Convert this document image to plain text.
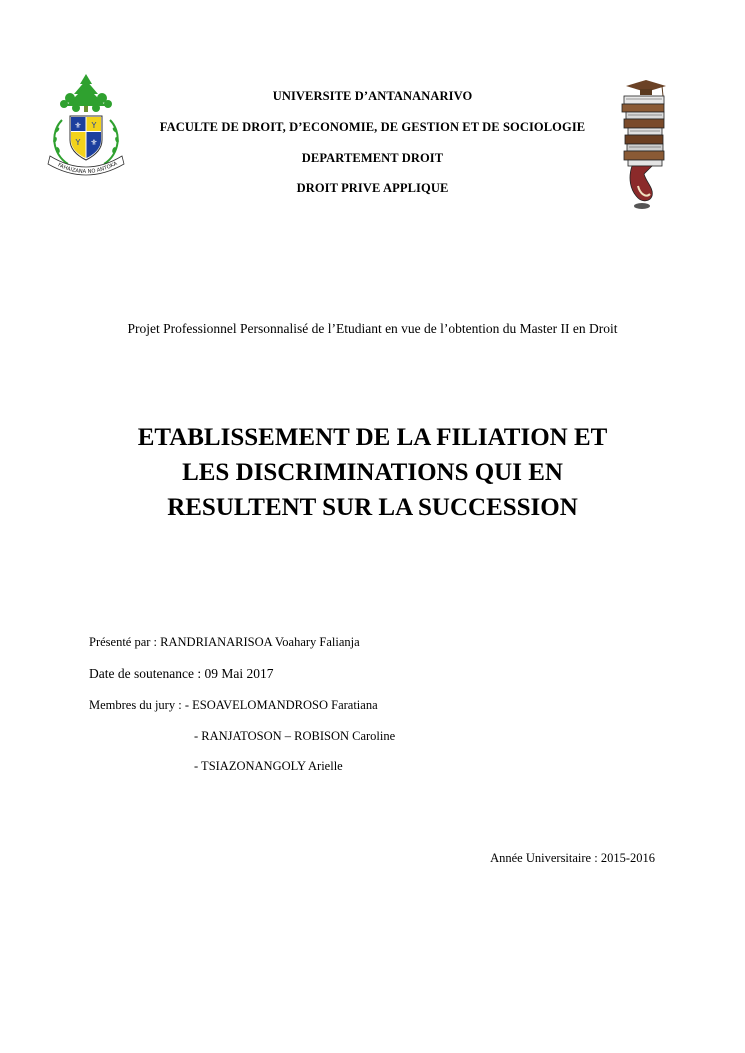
⚜
⚜
Y
Y
FAHAIZANA NO ANTOKA
UNIVERSITE D’ANTANANARIVO
FACULTE DE DROIT, D’ECONOMIE, DE GESTION ET DE SOCIOLOGIE
DEPARTEMENT DROIT
DROIT PRIVE APPLIQUE
Projet Professionnel Personnalisé de l’Etudiant en vue de l’obtention du Master II en Droit
ETABLISSEMENT DE LA FILIATION ET
LES DISCRIMINATIONS QUI EN
RESULTENT SUR LA SUCCESSION
Présenté par : RANDRIANARISOA Voahary Falianja
Date de soutenance : 09 Mai 2017
Membres du jury : - ESOAVELOMANDROSO Faratiana
- RANJATOSON – ROBISON Caroline
- TSIAZONANGOLY Arielle
Année Universitaire : 2015-2016
